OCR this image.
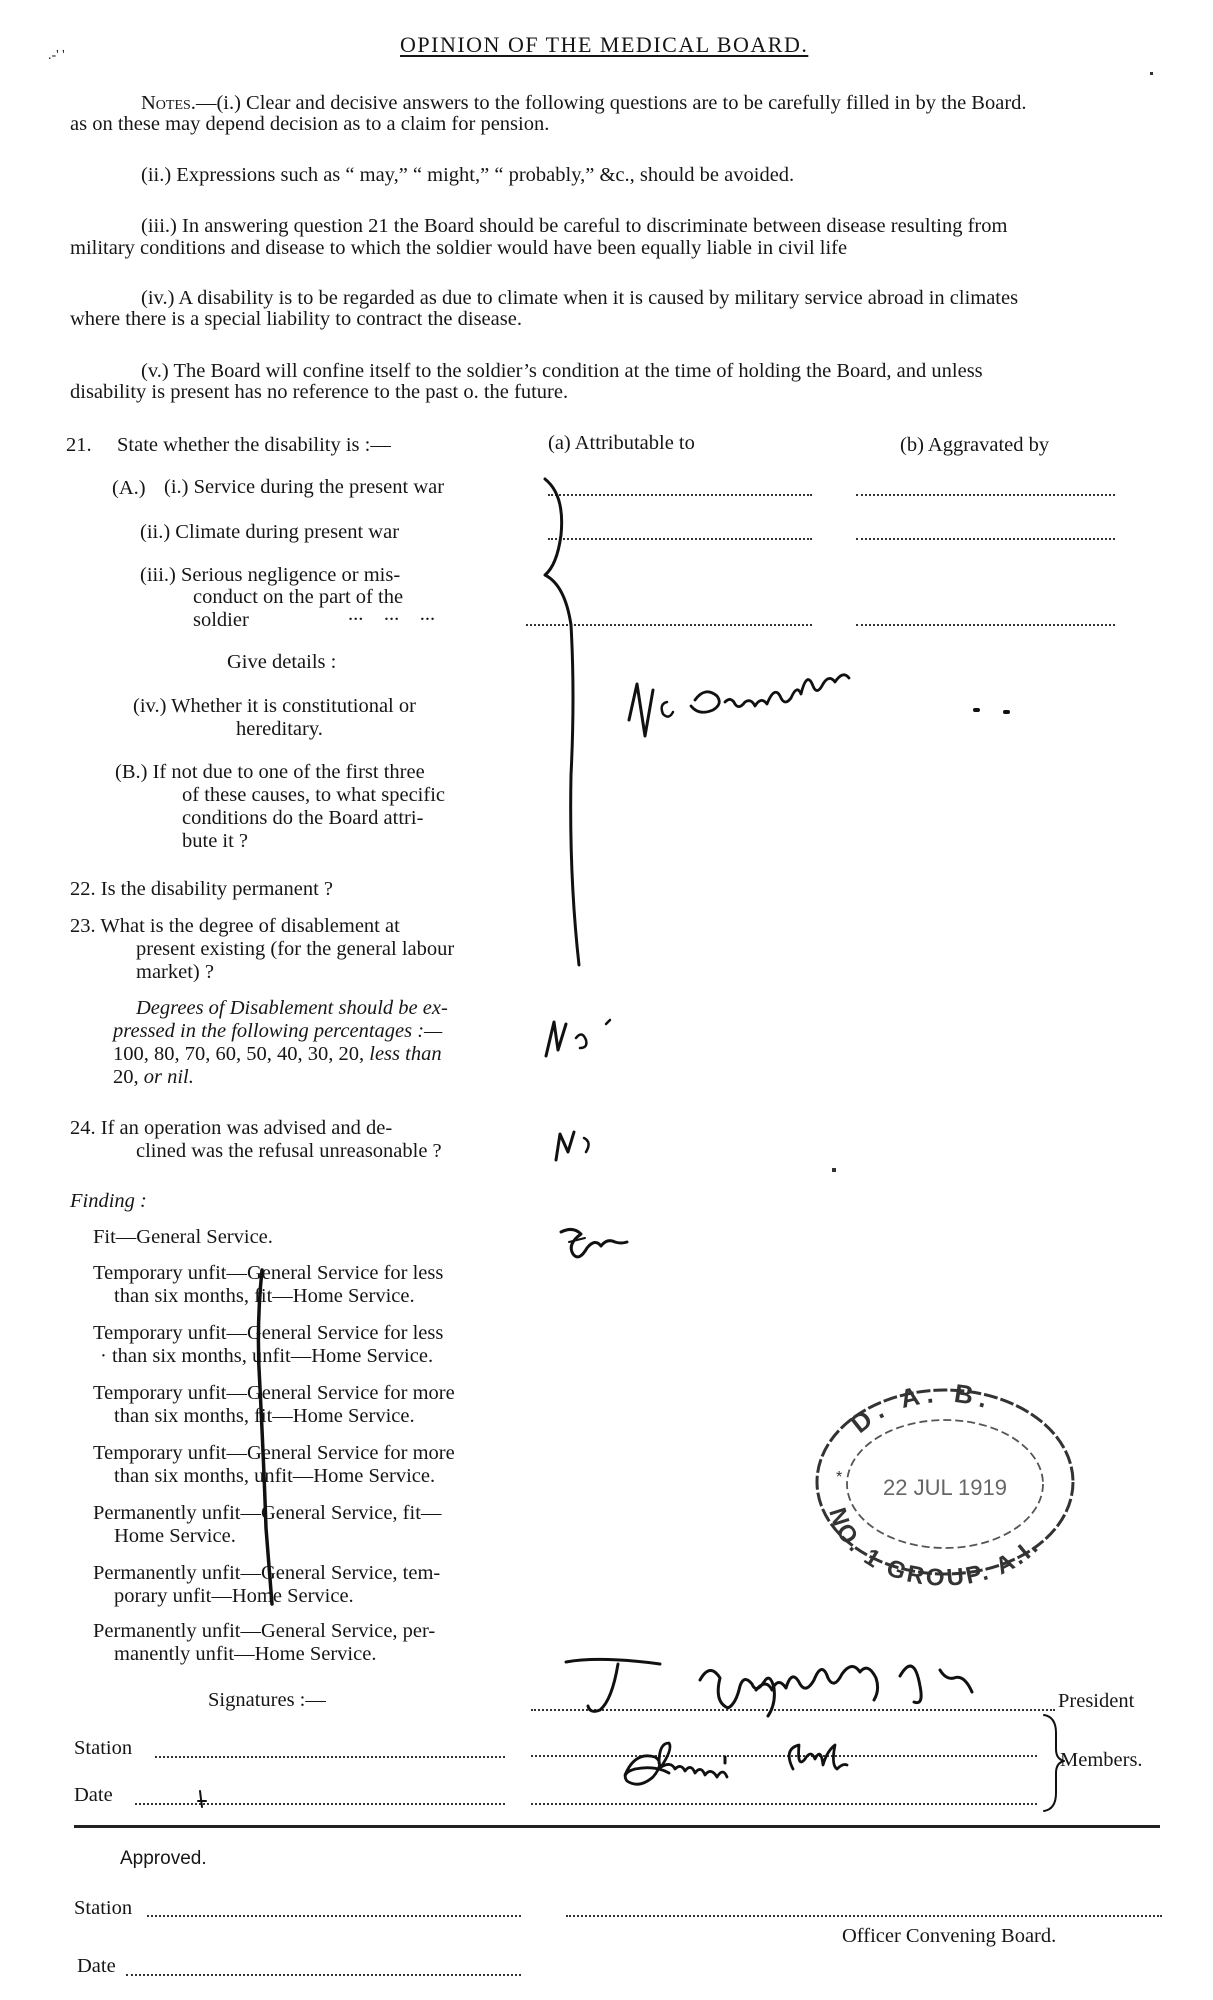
.-' '	OPINION OF THE MEDICAL BOARD.
Notes.—(i.) Clear and decisive answers to the following questions are to be carefully filled in by the Board.
as on these may depend decision as to a claim for pension.
(ii.) Expressions such as “ may,” “ might,” “ probably,” &c., should be avoided.
(iii.) In answering question 21 the Board should be careful to discriminate between disease resulting from
military conditions and disease to which the soldier would have been equally liable in civil life
(iv.) A disability is to be regarded as due to climate when it is caused by military service abroad in climates
where there is a special liability to contract the disease.
(v.) The Board will confine itself to the soldier’s condition at the time of holding the Board, and unless
disability is present has no reference to the past o. the future.
21. State whether the disability is :—	(a) Attributable to	(b) Aggravated by
(A.) (i.) Service during the present war
(ii.) Climate during present war
(iii.) Serious negligence or mis-
conduct on the part of the
soldier	...    ...    ...
Give details :
(iv.) Whether it is constitutional or
hereditary.
(B.) If not due to one of the first three
of these causes, to what specific
conditions do the Board attri-
bute it ?
22. Is the disability permanent ?
23. What is the degree of disablement at
present existing (for the general labour
market) ?
Degrees of Disablement should be ex-
pressed in the following percentages :—
100, 80, 70, 60, 50, 40, 30, 20, less than
20, or nil.
24. If an operation was advised and de-
clined was the refusal unreasonable ?
Finding :
Fit—General Service.
Temporary unfit—General Service for less
than six months, fit—Home Service.
Temporary unfit—General Service for less
· than six months, unfit—Home Service.
Temporary unfit—General Service for more
than six months, fit—Home Service.
Temporary unfit—General Service for more
than six months, unfit—Home Service.
Permanently unfit—General Service, fit—
Home Service.
Permanently unfit—General Service, tem-
porary unfit—Home Service.
Permanently unfit—General Service, per-
manently unfit—Home Service.
Signatures :—
Station
Date
President
Members.
Approved.
Station
Officer Convening Board.
Date
D. A. B.
22 JUL 1919
NO. 1 GROUP. A.I.
*
